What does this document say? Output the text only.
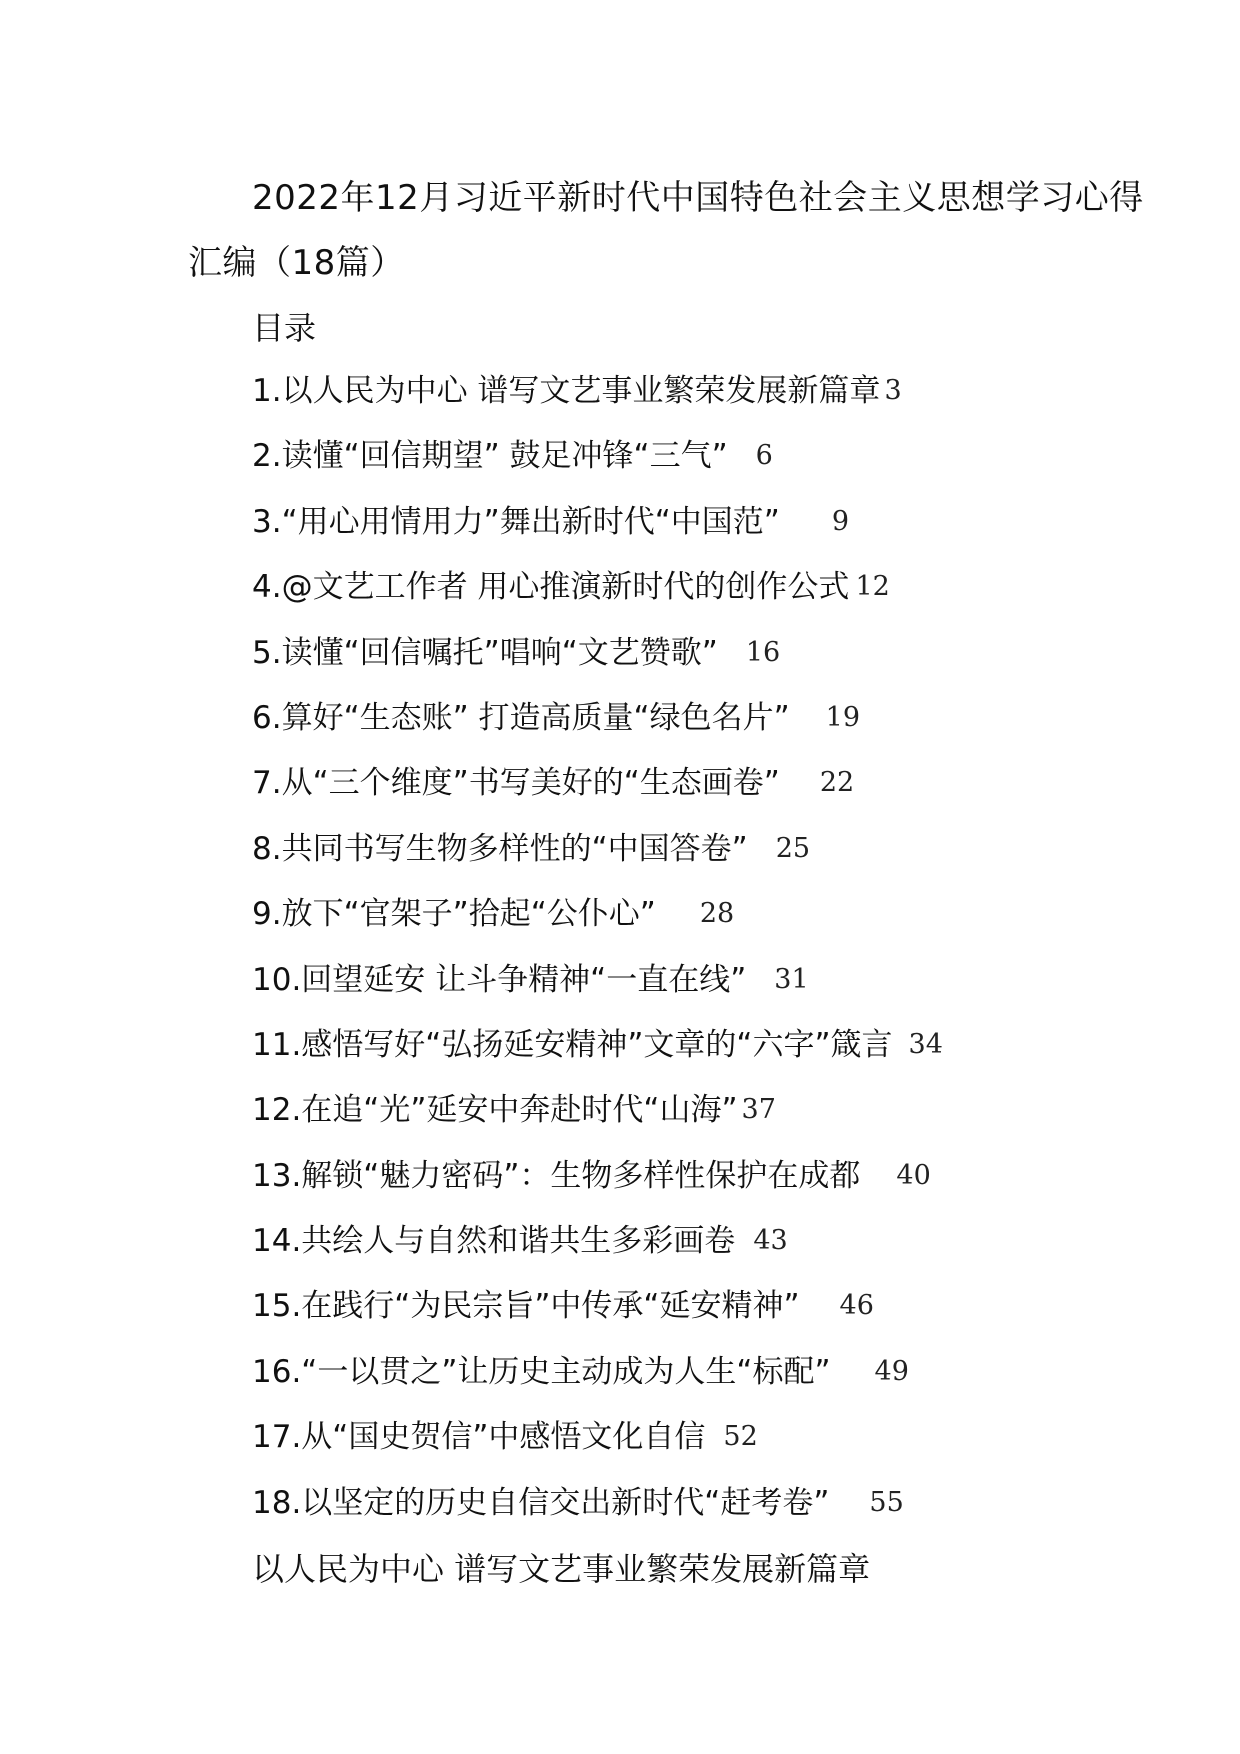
2022年12月习近平新时代中国特色社会主义思想学习心得
汇编（18篇）
目录
1.以人民为中心 谱写文艺事业繁荣发展新篇章 3
2.读懂“回信期望” 鼓足冲锋“三气” 6
3.“用心用情用力”舞出新时代“中国范” 9
4.@文艺工作者 用心推演新时代的创作公式 12
5.读懂“回信嘱托”唱响“文艺赞歌” 16
6.算好“生态账” 打造高质量“绿色名片” 19
7.从“三个维度”书写美好的“生态画卷” 22
8.共同书写生物多样性的“中国答卷” 25
9.放下“官架子”拾起“公仆心” 28
10.回望延安 让斗争精神“一直在线” 31
11.感悟写好“弘扬延安精神”文章的“六字”箴言 34
12.在追“光”延安中奔赴时代“山海” 37
13.解锁“魅力密码”：生物多样性保护在成都 40
14.共绘人与自然和谐共生多彩画卷 43
15.在践行“为民宗旨”中传承“延安精神” 46
16.“一以贯之”让历史主动成为人生“标配” 49
17.从“国史贺信”中感悟文化自信 52
18.以坚定的历史自信交出新时代“赶考卷” 55
以人民为中心 谱写文艺事业繁荣发展新篇章
